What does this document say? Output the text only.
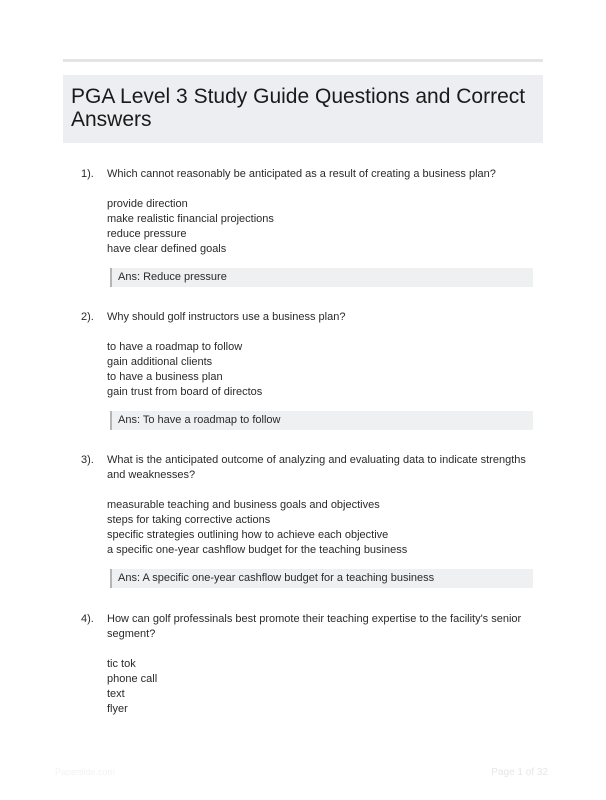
PGA Level 3 Study Guide Questions and Correct Answers
1). Which cannot reasonably be anticipated as a result of creating a business plan?
provide direction
make realistic financial projections
reduce pressure
have clear defined goals
Ans: Reduce pressure
2). Why should golf instructors use a business plan?
to have a roadmap to follow
gain additional clients
to have a business plan
gain trust from board of directos
Ans: To have a roadmap to follow
3). What is the anticipated outcome of analyzing and evaluating data to indicate strengths and weaknesses?
measurable teaching and business goals and objectives
steps for taking corrective actions
specific strategies outlining how to achieve each objective
a specific one-year cashflow budget for the teaching business
Ans: A specific one-year cashflow budget for a teaching business
4). How can golf professinals best promote their teaching expertise to the facility's senior segment?
tic tok
phone call
text
flyer
Papertilde.com	Page 1 of 32
